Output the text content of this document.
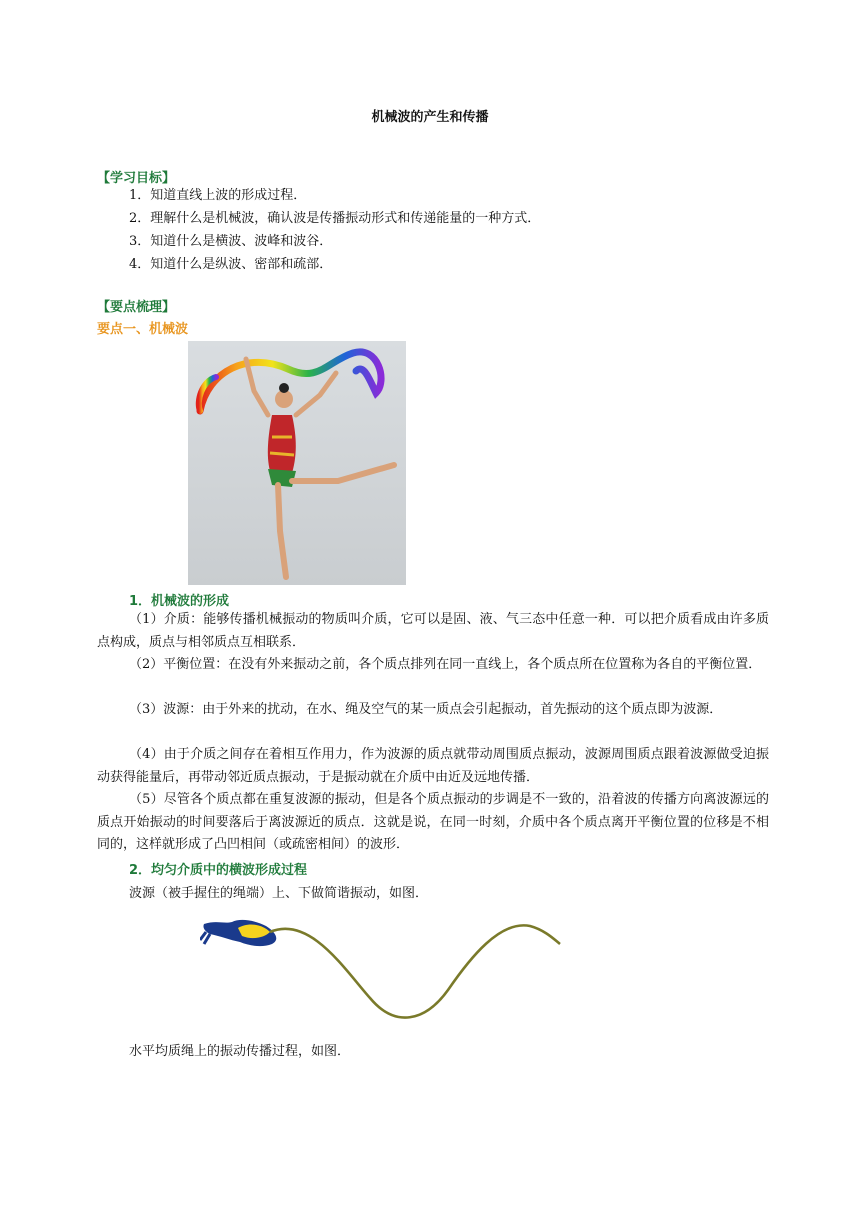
机械波的产生和传播
【学习目标】
1．知道直线上波的形成过程．
2．理解什么是机械波，确认波是传播振动形式和传递能量的一种方式．
3．知道什么是横波、波峰和波谷．
4．知道什么是纵波、密部和疏部．
【要点梳理】
要点一、机械波
1．机械波的形成
（1）介质：能够传播机械振动的物质叫介质，它可以是固、液、气三态中任意一种．可以把介质看成由许多质点构成，质点与相邻质点互相联系．
（2）平衡位置：在没有外来振动之前，各个质点排列在同一直线上，各个质点所在位置称为各自的平衡位置．
（3）波源：由于外来的扰动，在水、绳及空气的某一质点会引起振动，首先振动的这个质点即为波源．
（4）由于介质之间存在着相互作用力，作为波源的质点就带动周围质点振动，波源周围质点跟着波源做受迫振动获得能量后，再带动邻近质点振动，于是振动就在介质中由近及远地传播．
（5）尽管各个质点都在重复波源的振动，但是各个质点振动的步调是不一致的，沿着波的传播方向离波源远的质点开始振动的时间要落后于离波源近的质点．这就是说，在同一时刻，介质中各个质点离开平衡位置的位移是不相同的，这样就形成了凸凹相间（或疏密相间）的波形．
2．均匀介质中的横波形成过程
波源（被手握住的绳端）上、下做简谐振动，如图．
水平均质绳上的振动传播过程，如图．
